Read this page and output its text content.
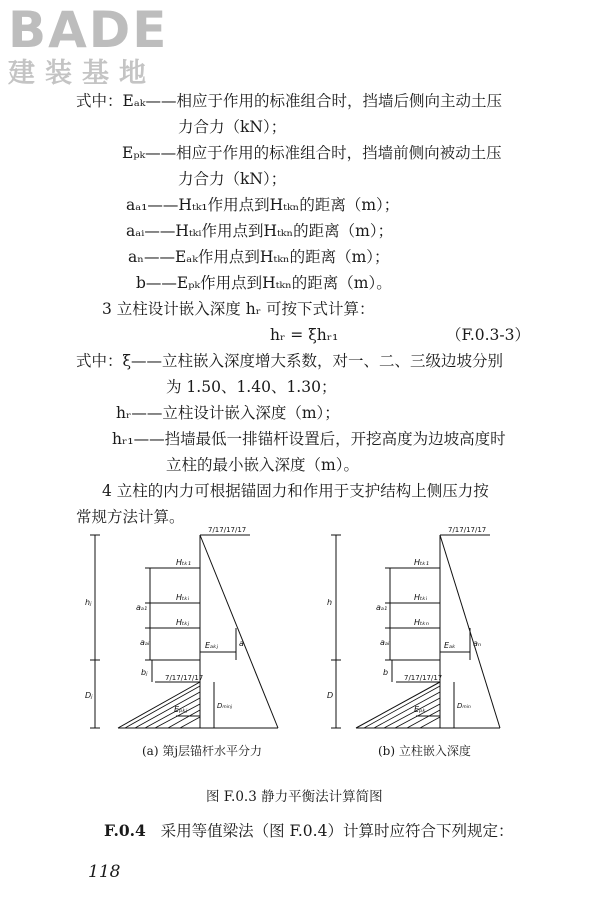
BADE
建装基地
式中：Eₐₖ——相应于作用的标准组合时，挡墙后侧向主动土压
力合力（kN）；
Eₚₖ——相应于作用的标准组合时，挡墙前侧向被动土压
力合力（kN）；
aₐ₁——Hₜₖ₁作用点到Hₜₖₙ的距离（m）；
aₐᵢ——Hₜₖᵢ作用点到Hₜₖₙ的距离（m）；
aₙ——Eₐₖ作用点到Hₜₖₙ的距离（m）；
b——Eₚₖ作用点到Hₜₖₙ的距离（m）。
3 立柱设计嵌入深度 hᵣ 可按下式计算：
hᵣ = ξhᵣ₁	（F.0.3-3）
式中：ξ——立柱嵌入深度增大系数，对一、二、三级边坡分别
为 1.50、1.40、1.30；
hᵣ——立柱设计嵌入深度（m）；
hᵣ₁——挡墙最低一排锚杆设置后，开挖高度为边坡高度时
立柱的最小嵌入深度（m）。
4 立柱的内力可根据锚固力和作用于支护结构上侧压力按
常规方法计算。
hⱼ
Dⱼ
aₐ₁
aₐᵢ
bⱼ
Hₜₖ₁
Hₜₖᵢ
Hₜₖⱼ
Eₐₖⱼ	a
Eₚₖⱼ	Dₘᵢₙⱼ
7/17/17/17
7/17/17/17
h
D
aₐ₁
aₐᵢ
b
Hₜₖ₁
Hₜₖᵢ
Hₜₖₙ
Eₐₖ aₙ
Eₚₖ	Dₘᵢₙ
7/17/17/17
7/17/17/17
(a) 第j层锚杆水平分力	(b) 立柱嵌入深度
图 F.0.3 静力平衡法计算简图
F.0.4 采用等值梁法（图 F.0.4）计算时应符合下列规定：
118
